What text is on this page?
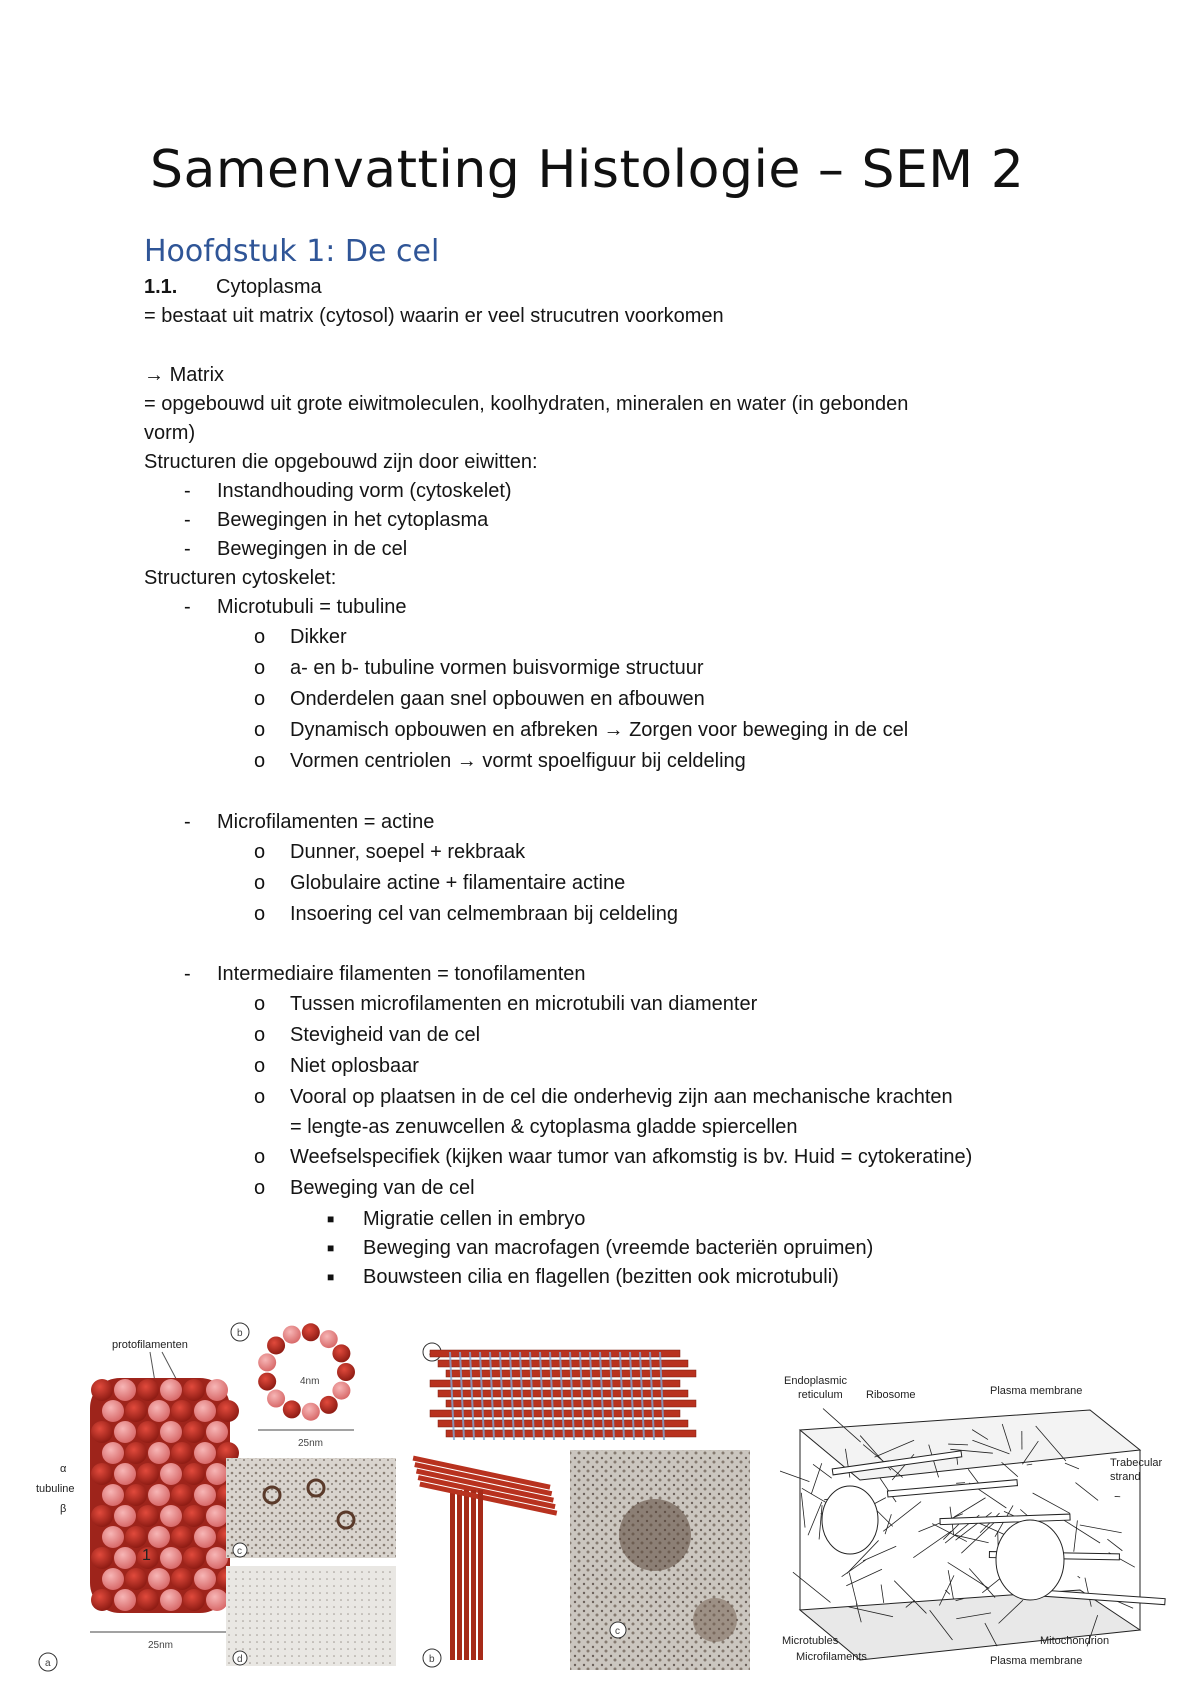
Samenvatting Histologie – SEM 2
Hoofdstuk 1: De cel
1.1. Cytoplasma
= bestaat uit matrix (cytosol) waarin er veel strucutren voorkomen
→ Matrix
= opgebouwd uit grote eiwitmoleculen, koolhydraten, mineralen en water (in gebonden
vorm)
Structuren die opgebouwd zijn door eiwitten:
- Instandhouding vorm (cytoskelet)
- Bewegingen in het cytoplasma
- Bewegingen in de cel
Structuren cytoskelet:
- Microtubuli = tubuline
o Dikker
o a- en b- tubuline vormen buisvormige structuur
o Onderdelen gaan snel opbouwen en afbouwen
o Dynamisch opbouwen en afbreken → Zorgen voor beweging in de cel
o Vormen centriolen → vormt spoelfiguur bij celdeling
- Microfilamenten = actine
o Dunner, soepel + rekbraak
o Globulaire actine + filamentaire actine
o Insoering cel van celmembraan bij celdeling
- Intermediaire filamenten = tonofilamenten
o Tussen microfilamenten en microtubili van diamenter
o Stevigheid van de cel
o Niet oplosbaar
o Vooral op plaatsen in de cel die onderhevig zijn aan mechanische krachten
= lengte-as zenuwcellen & cytoplasma gladde spiercellen
o Weefselspecifiek (kijken waar tumor van afkomstig is bv. Huid = cytokeratine)
o Beweging van de cel
■ Migratie cellen in embryo
■ Beweging van macrofagen (vreemde bacteriën opruimen)
■ Bouwsteen cilia en flagellen (bezitten ook microtubuli)
protofilamenten
α
tubuline
β
1
25nm
a
b
4nm
25nm
c
d	b
c
Endoplasmic
reticulum Ribosome	Plasma membrane
Trabecular
strand
Microtubles
Microfilaments
Mitochondrion
Plasma membrane
